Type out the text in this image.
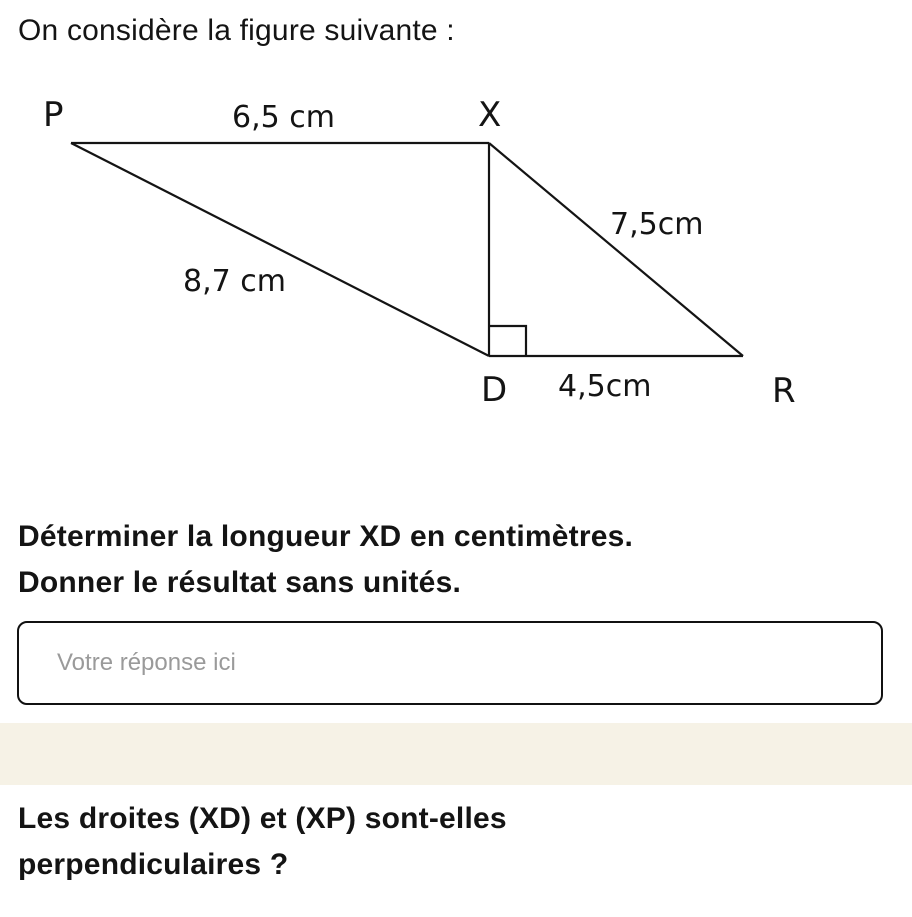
On considère la figure suivante :

P	X
D	R
6,5 cm
7,5cm
8,7 cm
4,5cm

Déterminer la longueur XD en centimètres.
Donner le résultat sans unités.

Votre réponse ici

Les droites (XD) et (XP) sont-elles
perpendiculaires ?
